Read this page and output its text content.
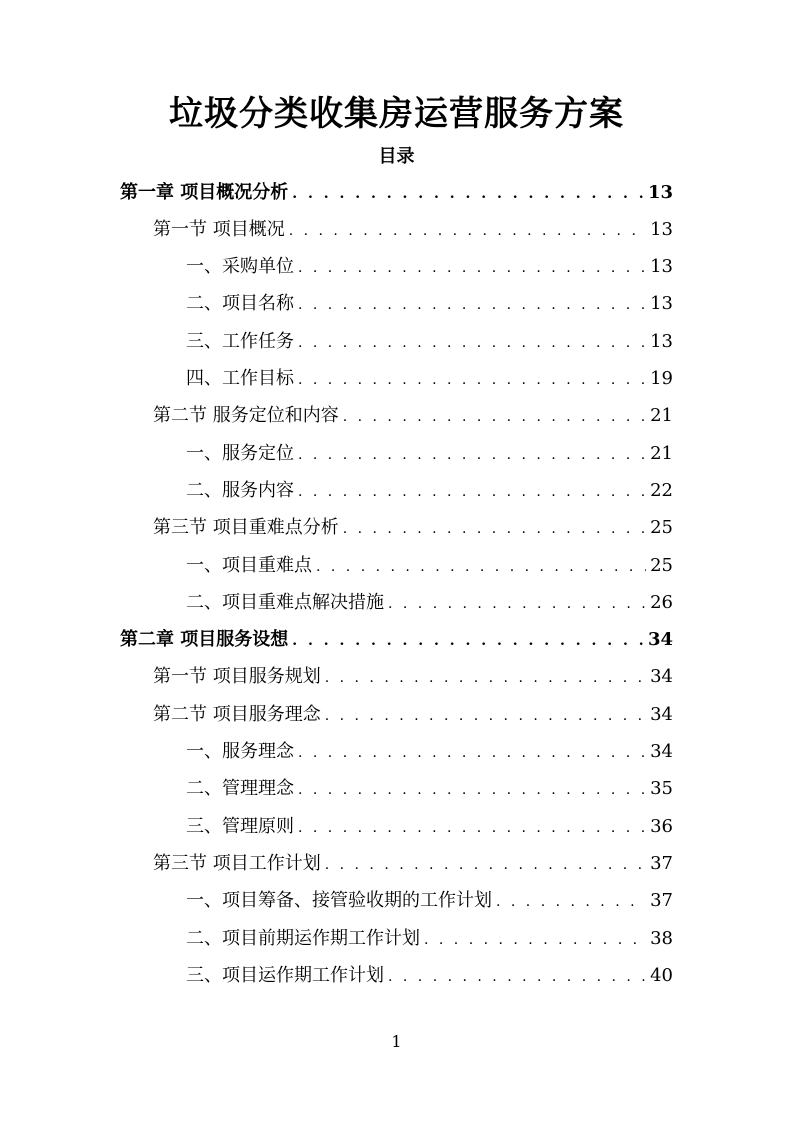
垃圾分类收集房运营服务方案
目录
第一章 项目概况分析 . . .	13
第一节 项目概况 . . .	13
一、采购单位 . . .	13
二、项目名称 . . .	13
三、工作任务 . . .	13
四、工作目标 . . .	19
第二节 服务定位和内容 . . .	21
一、服务定位 . . .	21
二、服务内容 . . .	22
第三节 项目重难点分析 . . .	25
一、项目重难点 . . .	25
二、项目重难点解决措施 . . .	26
第二章 项目服务设想 . . .	34
第一节 项目服务规划 . . .	34
第二节 项目服务理念 . . .	34
一、服务理念 . . .	34
二、管理理念 . . .	35
三、管理原则 . . .	36
第三节 项目工作计划 . . .	37
一、项目筹备、接管验收期的工作计划 . . .	37
二、项目前期运作期工作计划 . . .	38
三、项目运作期工作计划 . . .	40
1
